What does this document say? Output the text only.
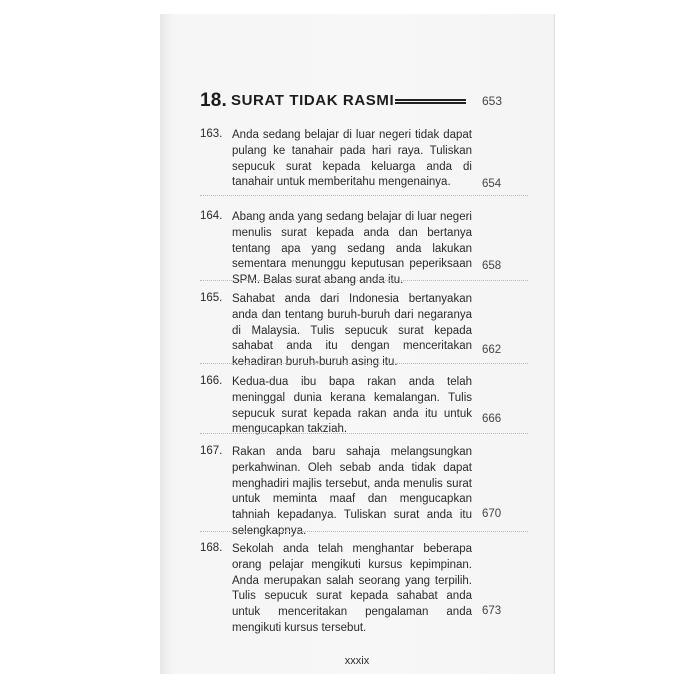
18. SURAT TIDAK RASMI	653
163. Anda sedang belajar di luar negeri tidak dapat pulang ke tanahair pada hari raya. Tuliskan sepucuk surat kepada keluarga anda di tanahair untuk memberitahu mengenainya.	654
164. Abang anda yang sedang belajar di luar negeri menulis surat kepada anda dan bertanya tentang apa yang sedang anda lakukan sementara menunggu keputusan peperiksaan SPM. Balas surat abang anda itu.

658
165. Sahabat anda dari Indonesia bertanyakan anda dan tentang buruh-buruh dari negaranya di Malaysia. Tulis sepucuk surat kepada sahabat anda itu dengan menceritakan kehadiran buruh-buruh asing itu.

662
166. Kedua-dua ibu bapa rakan anda telah meninggal dunia kerana kemalangan. Tulis sepucuk surat kepada rakan anda itu untuk mengucapkan takziah.

666
167. Rakan anda baru sahaja melangsungkan perkahwinan. Oleh sebab anda tidak dapat menghadiri majlis tersebut, anda menulis surat untuk meminta maaf dan mengucapkan tahniah kepadanya. Tuliskan surat anda itu selengkapnya.

670
168. Sekolah anda telah menghantar beberapa orang pelajar mengikuti kursus kepimpinan. Anda merupakan salah seorang yang terpilih. Tulis sepucuk surat kepada sahabat anda untuk menceritakan pengalaman anda mengikuti kursus tersebut.

673
xxxix
